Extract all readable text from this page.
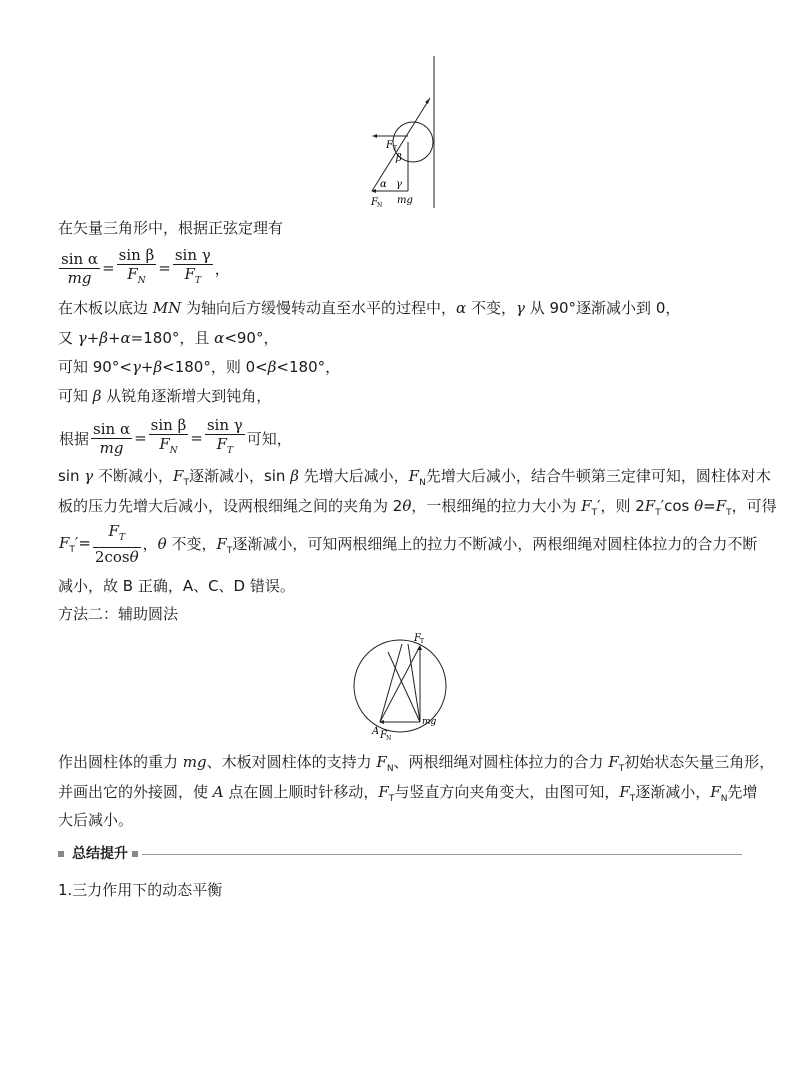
F T
β
α γ
F N mg
在矢量三角形中，根据正弦定理有
$\frac{\text{sin α}}{mg} = \frac{\text{sin β}}{F_N} = \frac{\text{sin γ}}{F_T}$ ，
在木板以底边 MN 为轴向后方缓慢转动直至水平的过程中，α 不变，γ 从 90°逐渐减小到 0，
又 γ+β+α=180°，且 α<90°，
可知 90°<γ+β<180°，则 0<β<180°，
可知 β 从锐角逐渐增大到钝角，
根据 $\frac{\text{sin α}}{mg} = \frac{\text{sin β}}{F_N} = \frac{\text{sin γ}}{F_T}$ 可知，
sin γ 不断减小，$F_T$逐渐减小，sin β 先增大后减小，$F_N$先增大后减小，结合牛顿第三定律可知，圆柱体对木
板的压力先增大后减小，设两根细绳之间的夹角为 2θ，一根细绳的拉力大小为 $F_T'$，则 $2F_T'\cos$ $\theta=F_T$，可得
$F_T'= \frac{F_T}{2\cos\theta}$ ，θ 不变，$F_T$逐渐减小，可知两根细绳上的拉力不断减小，两根细绳对圆柱体拉力的合力不断
减小，故 B 正确，A、C、D 错误。
方法二：辅助圆法
F T
A F N
mg
作出圆柱体的重力 mg、木板对圆柱体的支持力 $F_N$、两根细绳对圆柱体拉力的合力 $F_T$初始状态矢量三角形，
并画出它的外接圆，使 A 点在圆上顺时针移动，$F_T$与竖直方向夹角变大，由图可知，$F_T$逐渐减小，$F_N$先增
大后减小。
总结提升
1.三力作用下的动态平衡
